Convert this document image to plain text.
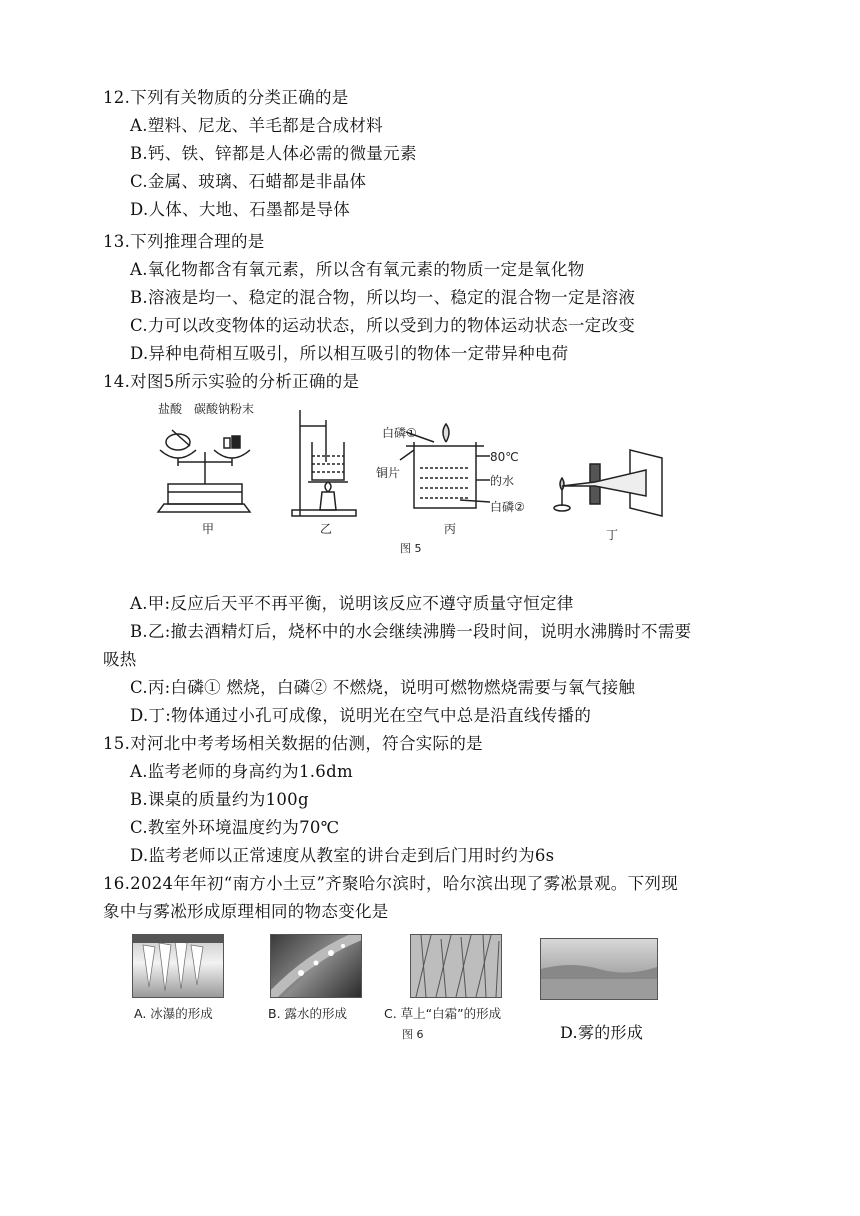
12.下列有关物质的分类正确的是
A.塑料、尼龙、羊毛都是合成材料
B.钙、铁、锌都是人体必需的微量元素
C.金属、玻璃、石蜡都是非晶体
D.人体、大地、石墨都是导体
13.下列推理合理的是
A.氧化物都含有氧元素，所以含有氧元素的物质一定是氧化物
B.溶液是均一、稳定的混合物，所以均一、稳定的混合物一定是溶液
C.力可以改变物体的运动状态，所以受到力的物体运动状态一定改变
D.异种电荷相互吸引，所以相互吸引的物体一定带异种电荷
14.对图5所示实验的分析正确的是
盐酸 碳酸钠粉末
甲	乙
白磷①
铜片
80℃
的水
白磷②
丙	丁
图 5
A.甲:反应后天平不再平衡，说明该反应不遵守质量守恒定律
B.乙:撤去酒精灯后，烧杯中的水会继续沸腾一段时间，说明水沸腾时不需要
吸热
C.丙:白磷① 燃烧，白磷② 不燃烧，说明可燃物燃烧需要与氧气接触
D.丁:物体通过小孔可成像，说明光在空气中总是沿直线传播的
15.对河北中考考场相关数据的估测，符合实际的是
A.监考老师的身高约为1.6dm
B.课桌的质量约为100g
C.教室外环境温度约为70℃
D.监考老师以正常速度从教室的讲台走到后门用时约为6s
16.2024年年初“南方小土豆”齐聚哈尔滨时，哈尔滨出现了雾凇景观。下列现
象中与雾凇形成原理相同的物态变化是
A. 冰瀑的形成	B. 露水的形成	C. 草上“白霜”的形成
D.雾的形成
图 6
